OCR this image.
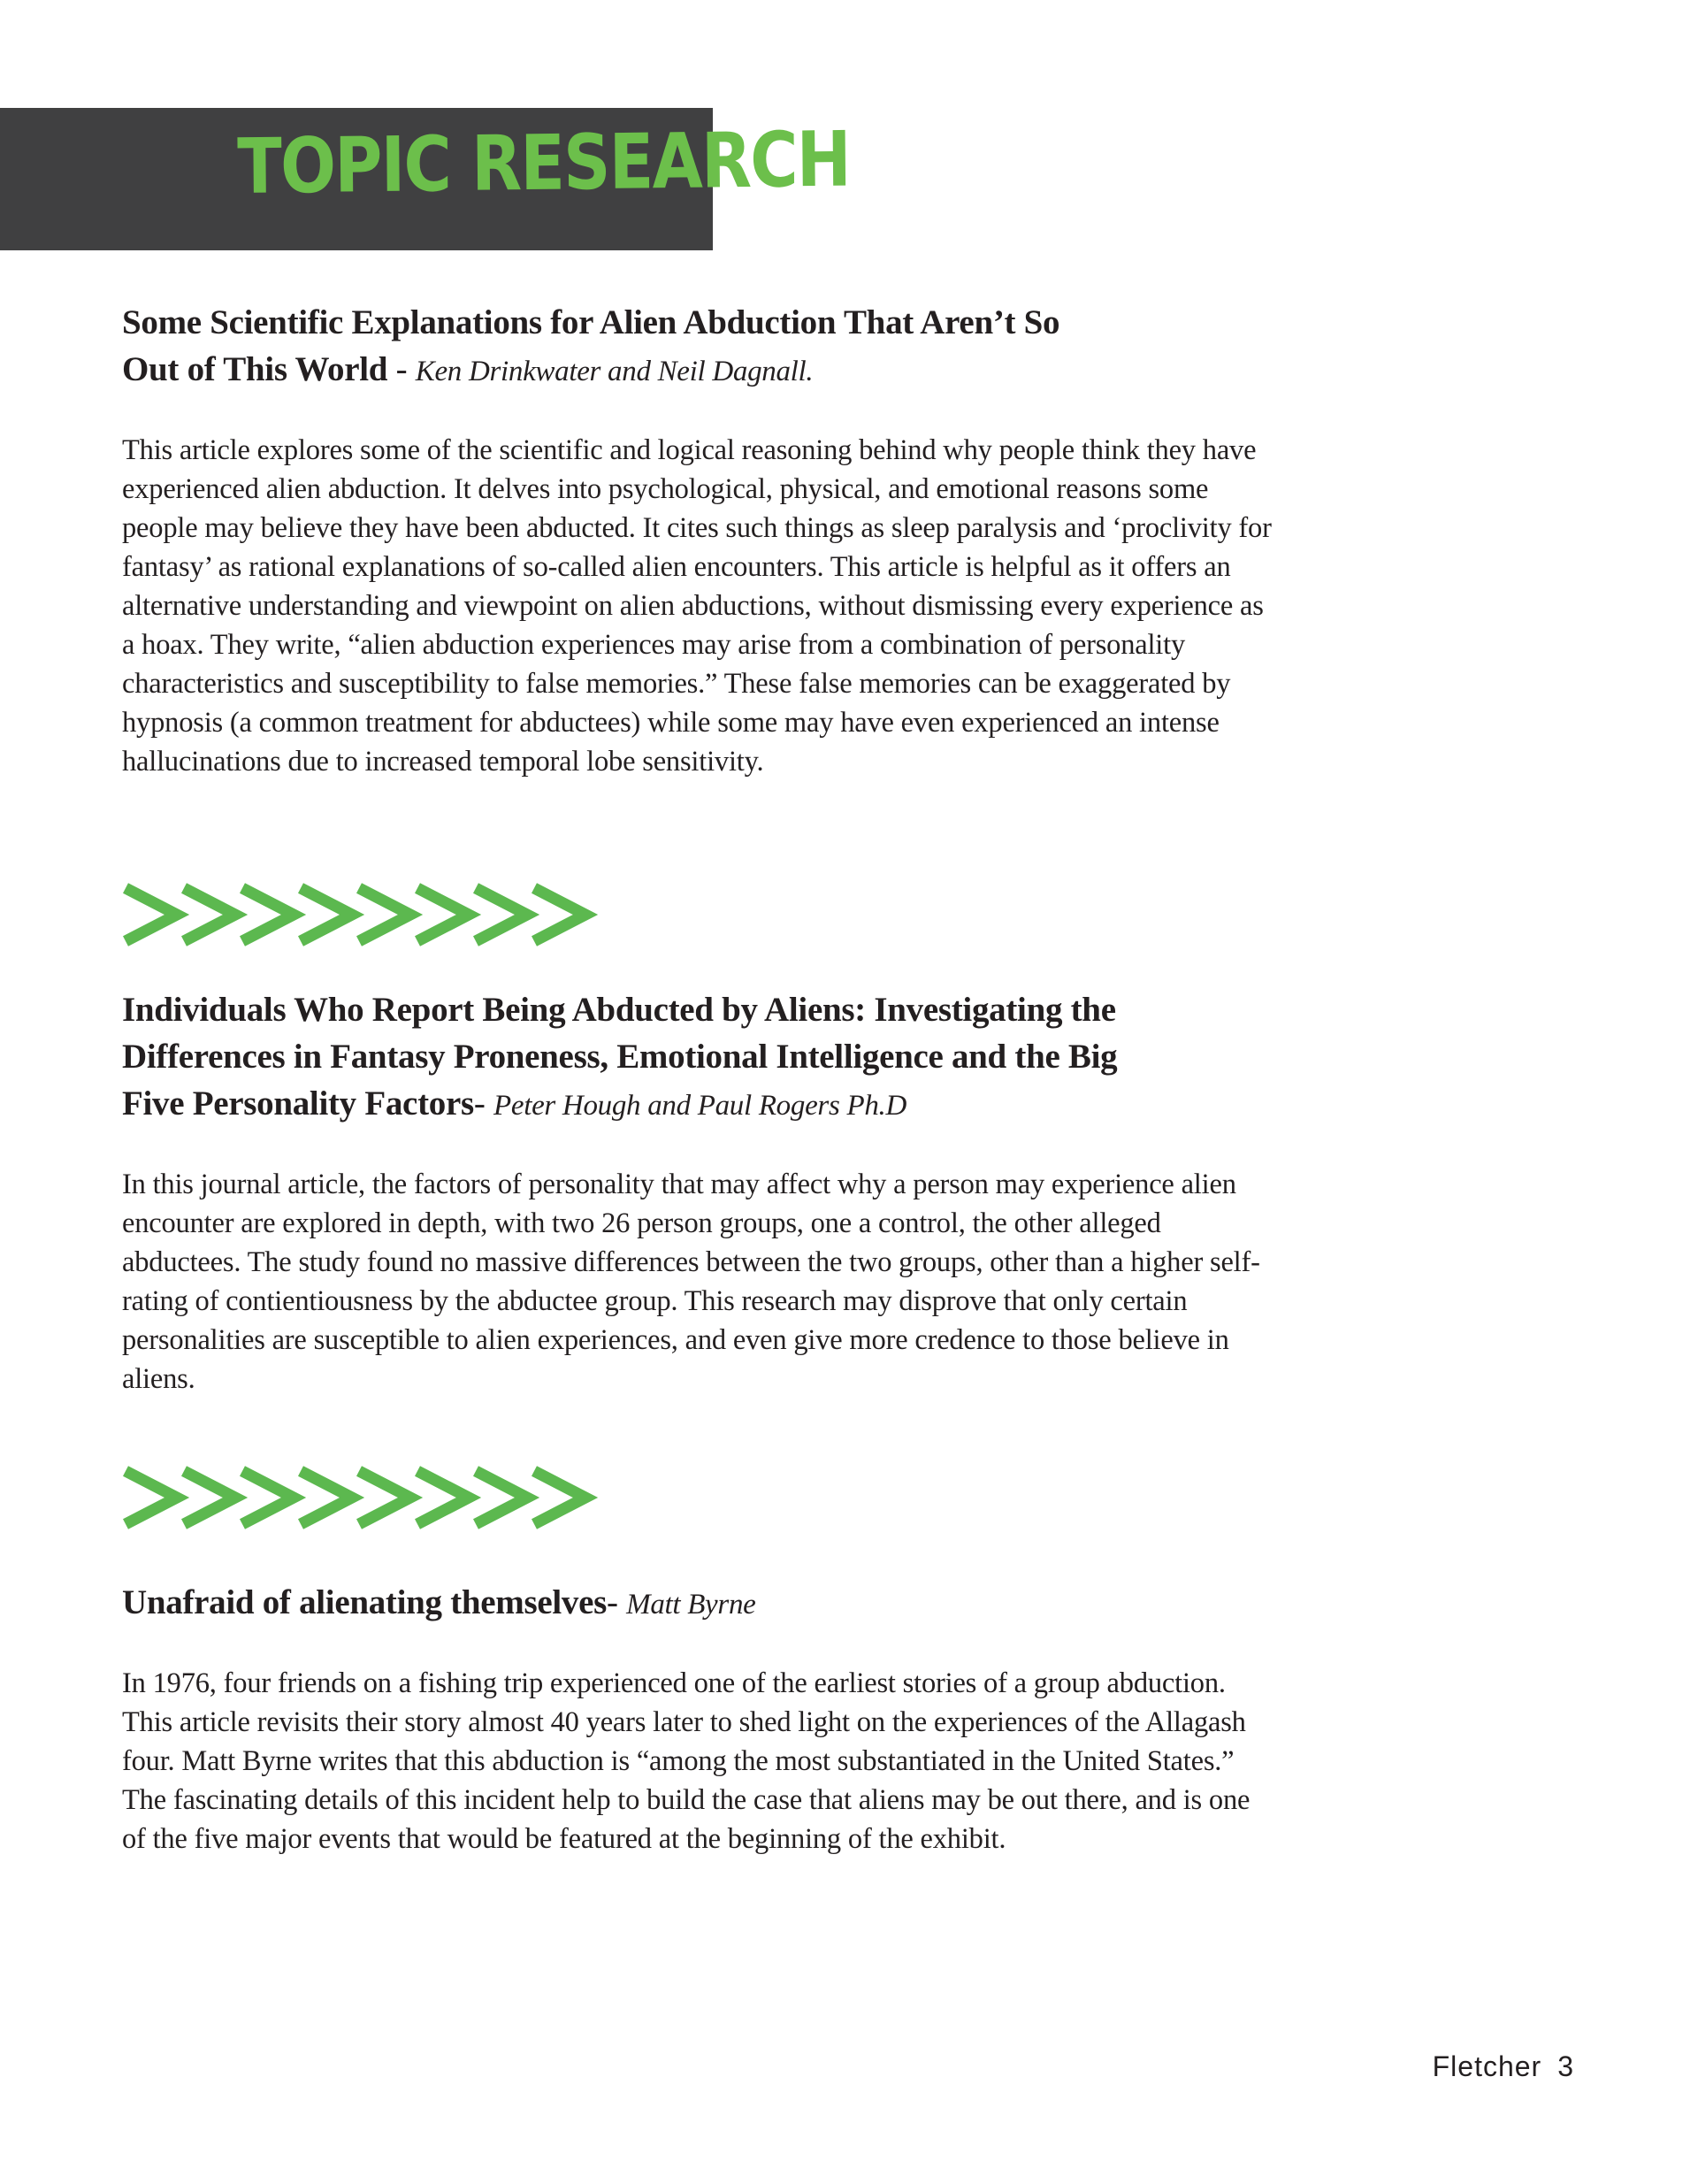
TOPIC RESEARCH
Some Scientific Explanations for Alien Abduction That Aren’t So
Out of This World - Ken Drinkwater and Neil Dagnall.

This article explores some of the scientific and logical reasoning behind why people think they have experienced alien abduction. It delves into psychological, physical, and emotional reasons some people may believe they have been abducted. It cites such things as sleep paralysis and ‘proclivity for fantasy’ as rational explanations of so-called alien encounters. This article is helpful as it offers an alternative understanding and viewpoint on alien abductions, without dismissing every experience as a hoax. They write, “alien abduction experiences may arise from a combination of personality characteristics and susceptibility to false memories.” These false memories can be exaggerated by hypnosis (a common treatment for abductees) while some may have even experienced an intense hallucinations due to increased temporal lobe sensitivity.

Individuals Who Report Being Abducted by Aliens: Investigating the
Differences in Fantasy Proneness, Emotional Intelligence and the Big
Five Personality Factors- Peter Hough and Paul Rogers Ph.D

In this journal article, the factors of personality that may affect why a person may experience alien encounter are explored in depth, with two 26 person groups, one a control, the other alleged abductees. The study found no massive differences between the two groups, other than a higher self-rating of contientiousness by the abductee group. This research may disprove that only certain personalities are susceptible to alien experiences, and even give more credence to those believe in aliens.

Unafraid of alienating themselves- Matt Byrne

In 1976, four friends on a fishing trip experienced one of the earliest stories of a group abduction. This article revisits their story almost 40 years later to shed light on the experiences of the Allagash four. Matt Byrne writes that this abduction is “among the most substantiated in the United States.” The fascinating details of this incident help to build the case that aliens may be out there, and is one of the five major events that would be featured at the beginning of the exhibit.

Fletcher 3
